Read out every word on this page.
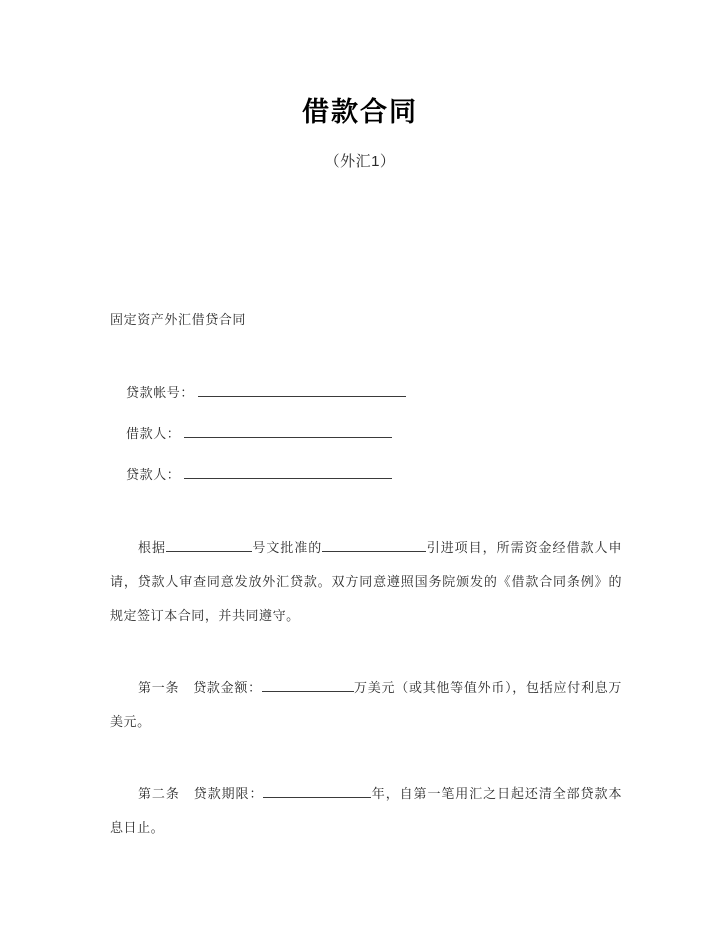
借款合同
（外汇1）
固定资产外汇借贷合同
贷款帐号：
借款人：
贷款人：

根据	号文批准的	引进项目，所需资金经借款人申请，贷款人审查同意发放外汇贷款。双方同意遵照国务院颁发的《借款合同条例》的规定签订本合同，并共同遵守。

第一条 贷款金额：	万美元（或其他等值外币），包括应付利息万美元。

第二条 贷款期限：	年，自第一笔用汇之日起还清全部贷款本息日止。
